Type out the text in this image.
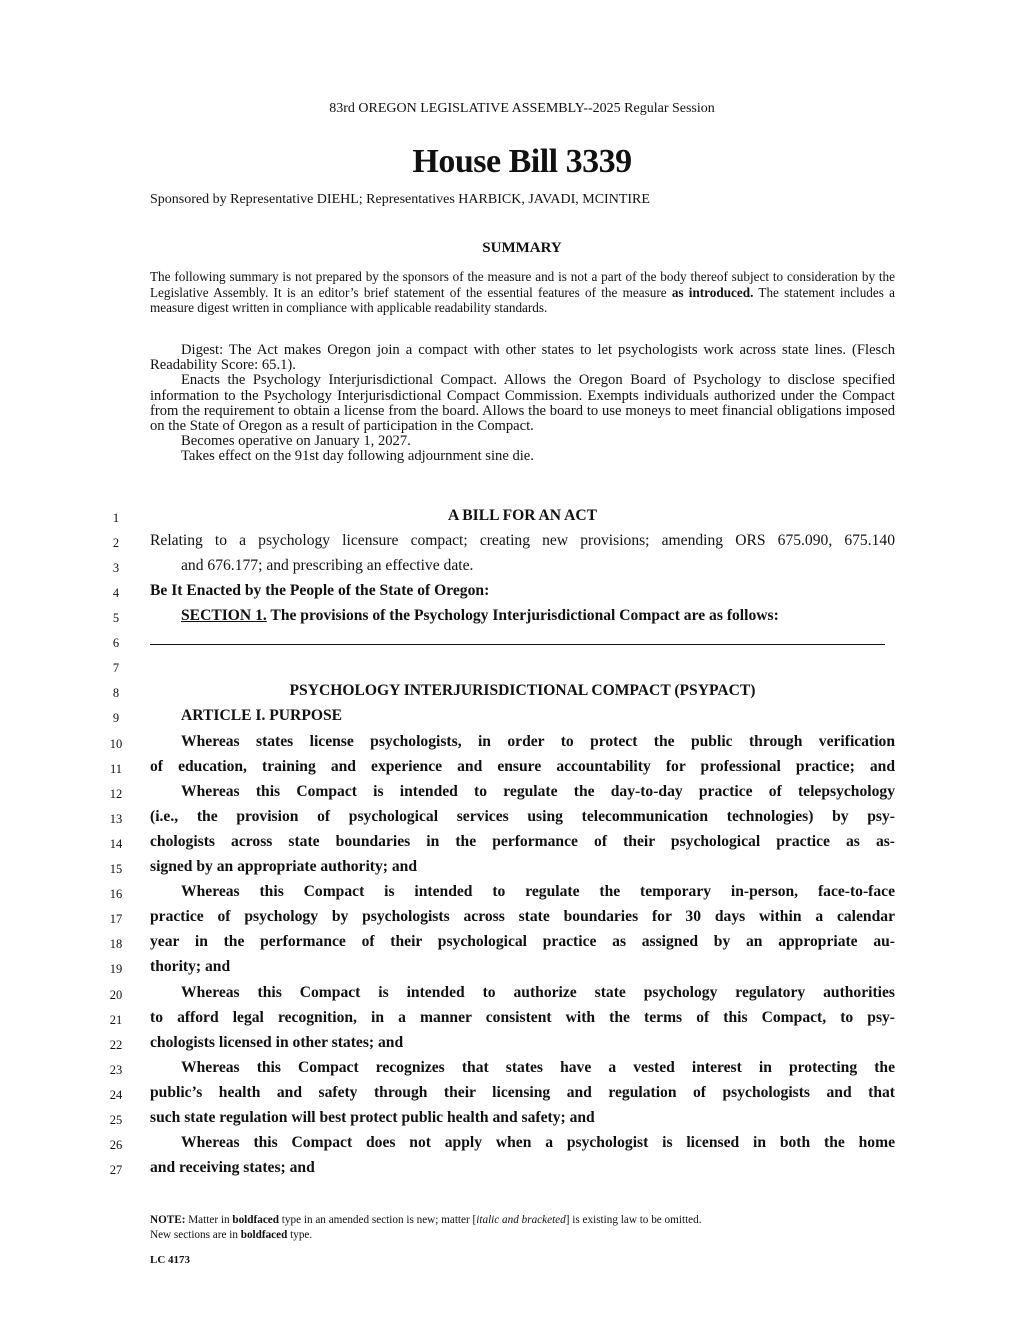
83rd OREGON LEGISLATIVE ASSEMBLY--2025 Regular Session
House Bill 3339
Sponsored by Representative DIEHL; Representatives HARBICK, JAVADI, MCINTIRE
SUMMARY
The following summary is not prepared by the sponsors of the measure and is not a part of the body thereof subject to consideration by the Legislative Assembly. It is an editor’s brief statement of the essential features of the measure as introduced. The statement includes a measure digest written in compliance with applicable readability standards.

Digest: The Act makes Oregon join a compact with other states to let psychologists work across state lines. (Flesch Readability Score: 65.1).

Enacts the Psychology Interjurisdictional Compact. Allows the Oregon Board of Psychology to disclose specified information to the Psychology Interjurisdictional Compact Commission. Exempts individuals authorized under the Compact from the requirement to obtain a license from the board. Allows the board to use moneys to meet financial obligations imposed on the State of Oregon as a result of participation in the Compact.

Becomes operative on January 1, 2027.

Takes effect on the 91st day following adjournment sine die.

1	A BILL FOR AN ACT
2	Relating to a psychology licensure compact; creating new provisions; amending ORS 675.090, 675.140
3	and 676.177; and prescribing an effective date.
4	Be It Enacted by the People of the State of Oregon:
5	SECTION 1. The provisions of the Psychology Interjurisdictional Compact are as follows:
6
7
8	PSYCHOLOGY INTERJURISDICTIONAL COMPACT (PSYPACT)
9	ARTICLE I. PURPOSE
10	Whereas states license psychologists, in order to protect the public through verification
11	of education, training and experience and ensure accountability for professional practice; and
12	Whereas this Compact is intended to regulate the day-to-day practice of telepsychology
13	(i.e., the provision of psychological services using telecommunication technologies) by psy-
14	chologists across state boundaries in the performance of their psychological practice as as-
15	signed by an appropriate authority; and
16	Whereas this Compact is intended to regulate the temporary in-person, face-to-face
17	practice of psychology by psychologists across state boundaries for 30 days within a calendar
18	year in the performance of their psychological practice as assigned by an appropriate au-
19	thority; and
20	Whereas this Compact is intended to authorize state psychology regulatory authorities
21	to afford legal recognition, in a manner consistent with the terms of this Compact, to psy-
22	chologists licensed in other states; and
23	Whereas this Compact recognizes that states have a vested interest in protecting the
24	public’s health and safety through their licensing and regulation of psychologists and that
25	such state regulation will best protect public health and safety; and
26	Whereas this Compact does not apply when a psychologist is licensed in both the home
27	and receiving states; and
NOTE: Matter in boldfaced type in an amended section is new; matter [italic and bracketed] is existing law to be omitted.
New sections are in boldfaced type.
LC 4173
